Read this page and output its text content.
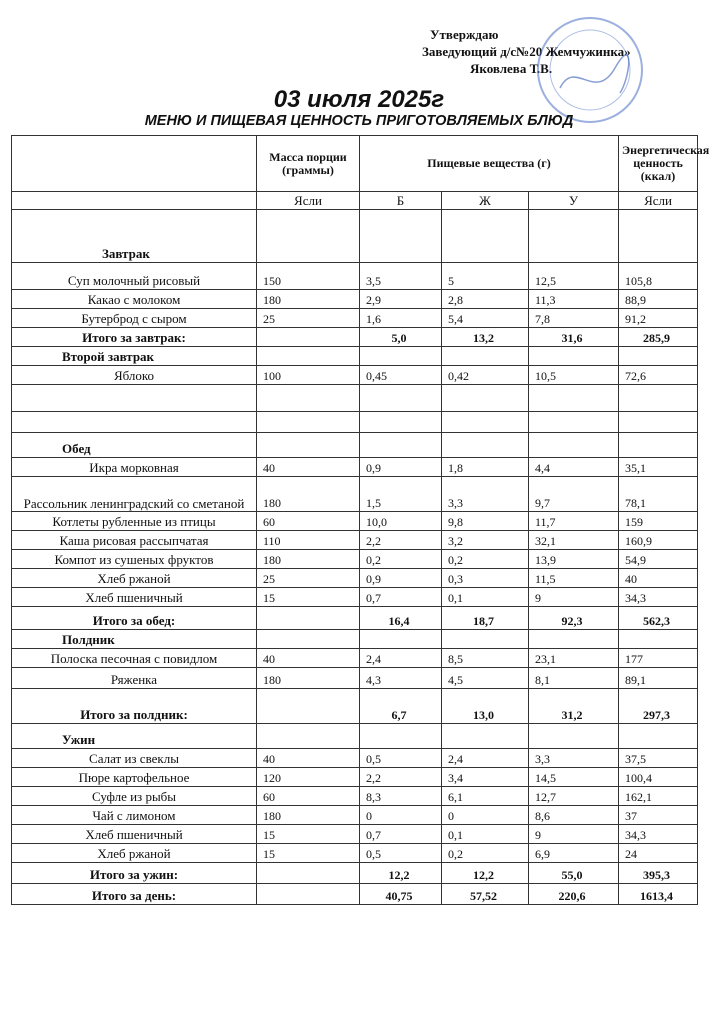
Утверждаю
Заведующий д/с№20 Жемчужинка»
Яковлева Т.В.
03 июля 2025г
МЕНЮ И ПИЩЕВАЯ ЦЕННОСТЬ ПРИГОТОВЛЯЕМЫХ БЛЮД
	Масса порции (граммы)	Пищевые вещества (г)			Энергетическая ценность (ккал)
	Ясли	Б	Ж	У	Ясли
Завтрак					
Суп молочный рисовый	150	3,5	5	12,5	105,8
Какао с молоком	180	2,9	2,8	11,3	88,9
Бутерброд с сыром	25	1,6	5,4	7,8	91,2
Итого за завтрак:		5,0	13,2	31,6	285,9
Второй завтрак					
Яблоко	100	0,45	0,42	10,5	72,6

Обед					
Икра морковная	40	0,9	1,8	4,4	35,1
Рассольник ленинградский со сметаной	180	1,5	3,3	9,7	78,1
Котлеты рубленные из птицы	60	10,0	9,8	11,7	159
Каша рисовая рассыпчатая	110	2,2	3,2	32,1	160,9
Компот из сушеных фруктов	180	0,2	0,2	13,9	54,9
Хлеб ржаной	25	0,9	0,3	11,5	40
Хлеб пшеничный	15	0,7	0,1	9	34,3
Итого за обед:		16,4	18,7	92,3	562,3
Полдник					
Полоска песочная с повидлом	40	2,4	8,5	23,1	177
Ряженка	180	4,3	4,5	8,1	89,1
Итого за полдник:		6,7	13,0	31,2	297,3
Ужин					
Салат из свеклы	40	0,5	2,4	3,3	37,5
Пюре картофельное	120	2,2	3,4	14,5	100,4
Суфле из рыбы	60	8,3	6,1	12,7	162,1
Чай с лимоном	180	0	0	8,6	37
Хлеб пшеничный	15	0,7	0,1	9	34,3
Хлеб ржаной	15	0,5	0,2	6,9	24
Итого за ужин:		12,2	12,2	55,0	395,3
Итого за день:		40,75	57,52	220,6	1613,4
